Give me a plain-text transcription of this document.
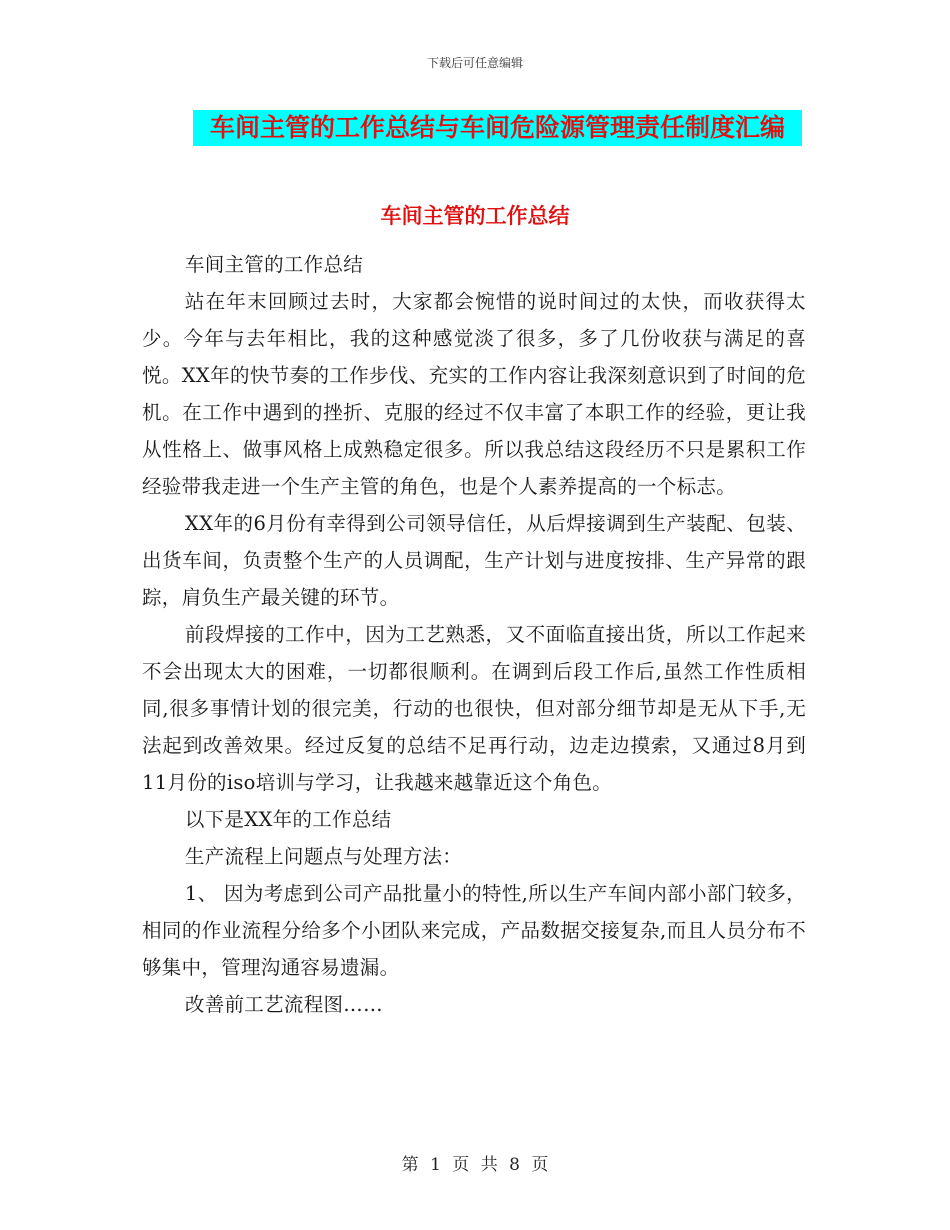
下载后可任意编辑
车间主管的工作总结与车间危险源管理责任制度汇编
车间主管的工作总结

车间主管的工作总结

站在年末回顾过去时，大家都会惋惜的说时间过的太快，而收获得太少。今年与去年相比，我的这种感觉淡了很多，多了几份收获与满足的喜悦。XX年的快节奏的工作步伐、充实的工作内容让我深刻意识到了时间的危机。在工作中遇到的挫折、克服的经过不仅丰富了本职工作的经验，更让我从性格上、做事风格上成熟稳定很多。所以我总结这段经历不只是累积工作经验带我走进一个生产主管的角色，也是个人素养提高的一个标志。

XX年的6月份有幸得到公司领导信任，从后焊接调到生产装配、包装、出货车间，负责整个生产的人员调配，生产计划与进度按排、生产异常的跟踪，肩负生产最关键的环节。

前段焊接的工作中，因为工艺熟悉，又不面临直接出货，所以工作起来不会出现太大的困难，一切都很顺利。在调到后段工作后,虽然工作性质相同,很多事情计划的很完美，行动的也很快，但对部分细节却是无从下手,无法起到改善效果。经过反复的总结不足再行动，边走边摸索，又通过8月到11月份的iso培训与学习，让我越来越靠近这个角色。

以下是XX年的工作总结

生产流程上问题点与处理方法：

1、 因为考虑到公司产品批量小的特性,所以生产车间内部小部门较多，相同的作业流程分给多个小团队来完成，产品数据交接复杂,而且人员分布不够集中，管理沟通容易遗漏。

改善前工艺流程图……

第 1 页 共 8 页
